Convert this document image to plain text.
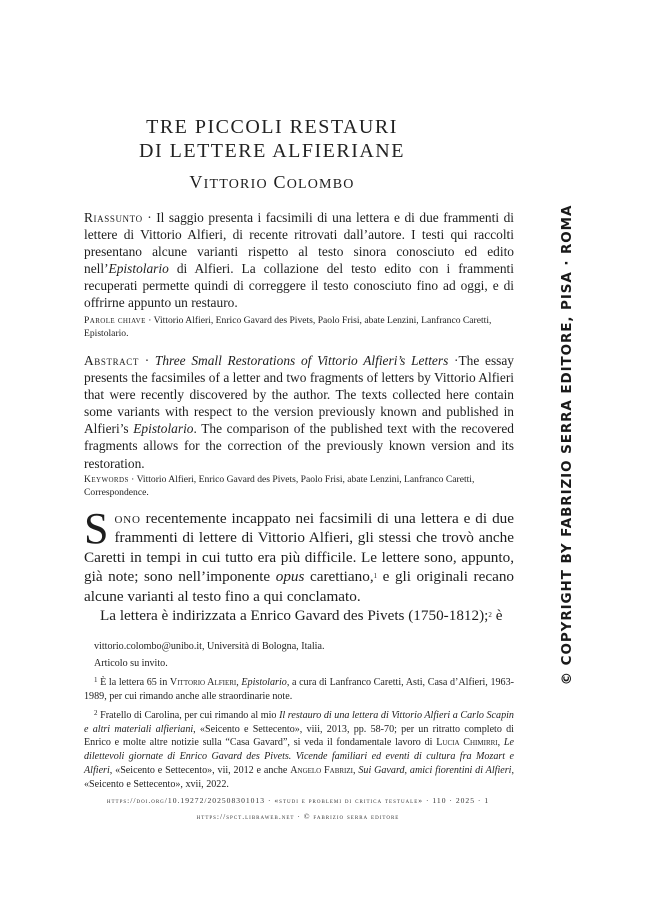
TRE PICCOLI RESTAURI
DI LETTERE ALFIERIANE
VITTORIO COLOMBO

Riassunto · Il saggio presenta i facsimili di una lettera e di due frammenti di lettere di Vittorio Alfieri, di recente ritrovati dall’autore. I testi qui raccolti presentano alcune varianti rispetto al testo sinora conosciuto ed edito nell’Epistolario di Alfieri. La collazione del testo edito con i frammenti recuperati permette quindi di correggere il testo conosciuto fino ad oggi, e di offrirne appunto un restauro.

Parole chiave · Vittorio Alfieri, Enrico Gavard des Pivets, Paolo Frisi, abate Lenzini, Lanfranco Caretti, Epistolario.

Abstract · Three Small Restorations of Vittorio Alfieri’s Letters ·The essay presents the facsimiles of a letter and two fragments of letters by Vittorio Alfieri that were recently discovered by the author. The texts collected here contain some variants with respect to the version previously known and published in Alfieri’s Epistolario. The comparison of the published text with the recovered fragments allows for the correction of the previously known version and its restoration.

Keywords · Vittorio Alfieri, Enrico Gavard des Pivets, Paolo Frisi, abate Lenzini, Lanfranco Caretti, Correspondence.

Sono recentemente incappato nei facsimili di una lettera e di due frammenti di lettere di Vittorio Alfieri, gli stessi che trovò anche Caretti in tempi in cui tutto era più difficile. Le lettere sono, appunto, già note; sono nell’imponente opus carettiano,$^1$ e gli originali recano alcune varianti al testo fino a qui conclamato.

La lettera è indirizzata a Enrico Gavard des Pivets (1750-1812);$^2$ è

vittorio.colombo@unibo.it, Università di Bologna, Italia.

Articolo su invito.

$^1$ È la lettera 65 in Vittorio Alfieri, Epistolario, a cura di Lanfranco Caretti, Asti, Casa d’Alfieri, 1963-1989, per cui rimando anche alle straordinarie note.

$^2$ Fratello di Carolina, per cui rimando al mio Il restauro di una lettera di Vittorio Alfieri a Carlo Scapin e altri materiali alfieriani, «Seicento e Settecento», viii, 2013, pp. 58-70; per un ritratto completo di Enrico e molte altre notizie sulla “Casa Gavard”, si veda il fondamentale lavoro di Lucia Chimirri, Le dilettevoli giornate di Enrico Gavard des Pivets. Vicende familiari ed eventi di cultura fra Mozart e Alfieri, «Seicento e Settecento», vii, 2012 e anche Angelo Fabrizi, Sui Gavard, amici fiorentini di Alfieri, «Seicento e Settecento», xvii, 2022.

https://doi.org/10.19272/202508301013 · «studi e problemi di critica testuale» · 110 · 2025 · 1
https://spct.libraweb.net · © fabrizio serra editore
© COPYRIGHT BY FABRIZIO SERRA EDITORE, PISA · ROMA
